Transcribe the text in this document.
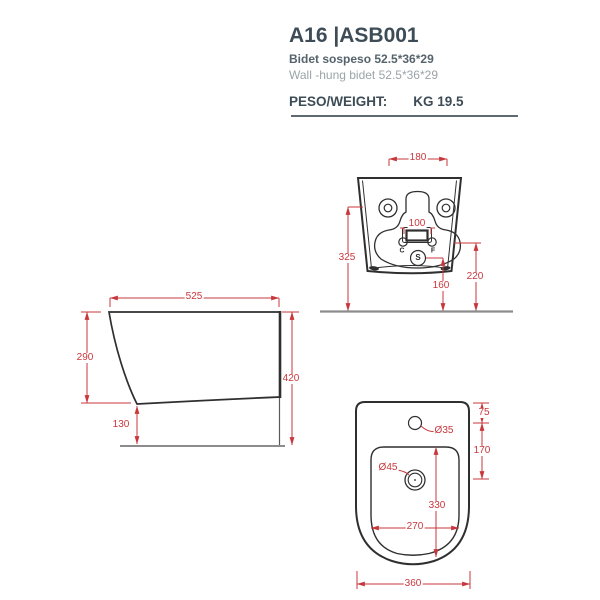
A16 |ASB001
Bidet sospeso 52.5*36*29
Wall -hung bidet 52.5*36*29
PESO/WEIGHT: KG 19.5
180
100
325
160
220
C	F
S
525
290
130
420
75
170
Ø35
Ø45
330
270
360
